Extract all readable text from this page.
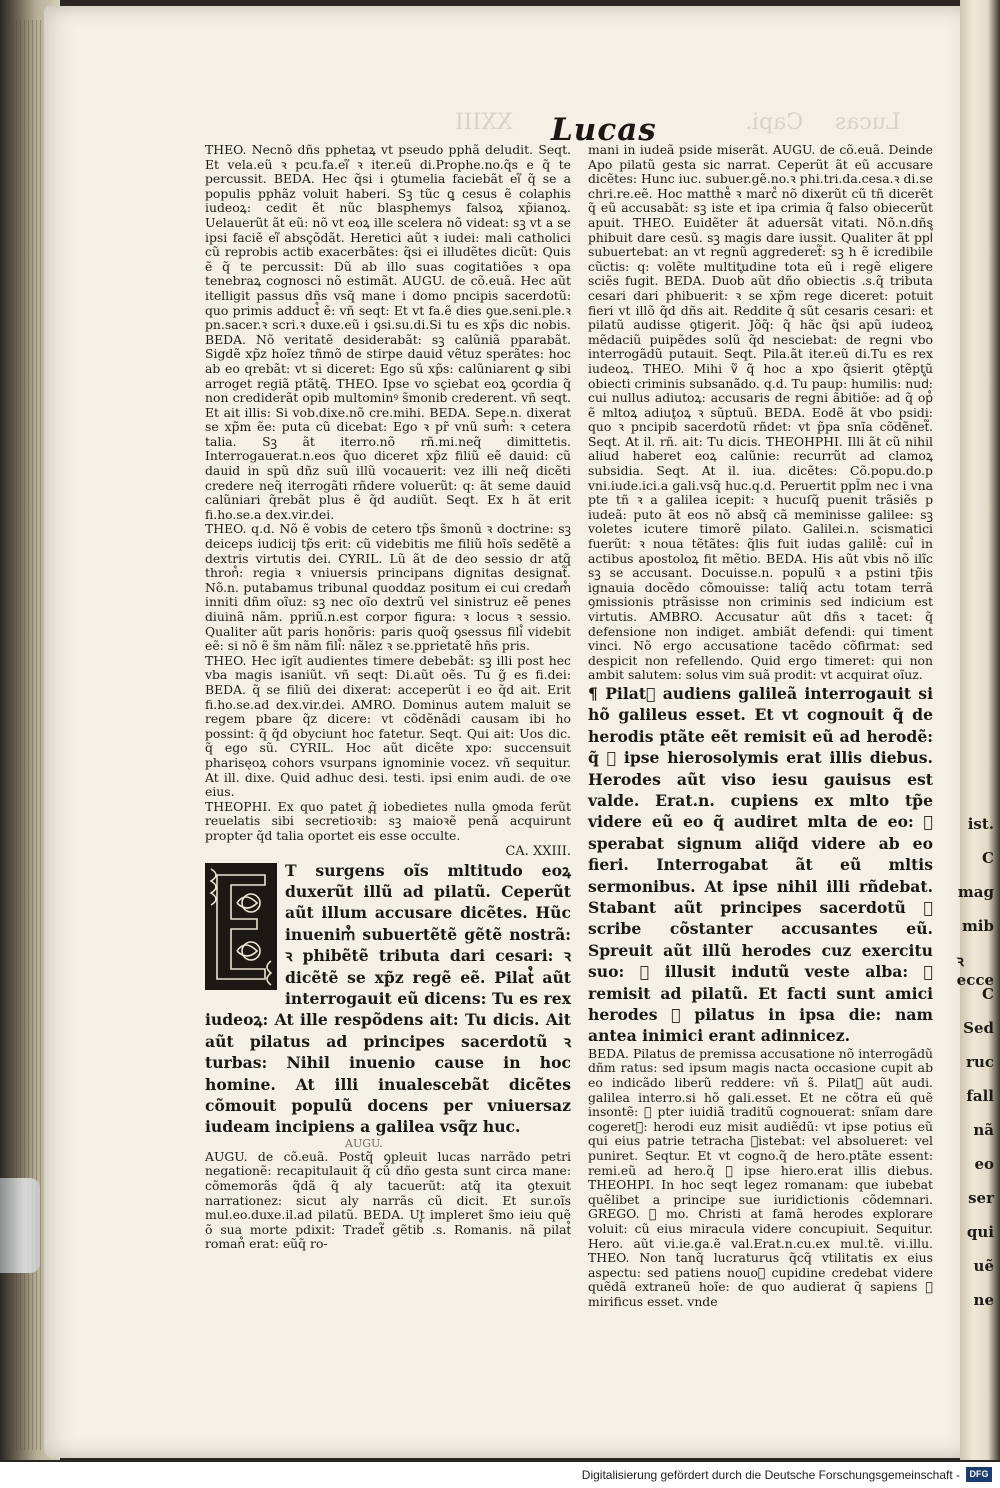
ist.
C
mag
mib
ꝛ ecce
C
Sed
ruc
fall
nã
eo
ser
qui
uẽ
ne
Capi. Lucas
XXIII Lucas

THEO. Necnõ dñs pphetaꝝ vt pseudo pphã deludit. Seqt. Et vela.eũ ꝛ pcu.fa.ei᷑ ꝛ iter.eũ di.Prophe.no.q̃s e q̃ te percussit. BEDA. Hec q̃si i ꝯtumelia faciebãt ei᷑ q̃ se a populis pphãz voluit haberi. Sꝫ tũc ꝗ cesus ẽ colaphis iudeoꝝ: cedit ẽt nũc blasphemys falsoꝝ xp̃ianoꝝ. Uelauerũt ãt eũ: nõ vt eoꝝ ille scelera nõ videat: sꝫ vt a se ipsi faciẽ ei᷑ abscõdãt. Heretici aũt ꝛ iudei: mali catholici cũ reprobis actib᷒ exacerbãtes: q̃si ei illudẽtes dicũt: Quis ẽ q̃ te percussit: Dũ ab illo suas cogitatiões ꝛ opa tenebraꝝ cognosci nõ estimãt. AUGU. de cõ.euã. Hec aũt itelligit passus dñs vsq̃ mane i domo pncipis sacerdotũ: quo primis adduct᷒ ẽ: vñ seqt: Et vt fa.ẽ dies ꝯue.seni.ple.ꝛ pn.sacer.ꝛ scri.ꝛ duxe.eũ i ꝯsi.su.di.Si tu es xp̃s dic nobis. BEDA. Nõ veritatẽ desiderabãt: sꝫ calũniã pparabãt. Sigdẽ xp̃z hoĩez tñmõ de stirpe dauid vẽtuz sperãtes: hoc ab eo qrebãt: vt si diceret: Ego sũ xp̃s: calũniarent ꝙ sibi arroget regiã ptãtẽ. THEO. Ipse vo sciebat eoꝝ ꝯcordia q̃ non crediderãt opib᷒ multominꝰ s̃monib᷒ crederent. vñ seqt. Et ait illis: Si vob.dixe.nõ cre.mihi. BEDA. Sepe.n. dixerat se xp̃m ẽe: puta cũ dicebat: Ego ꝛ pr̃ vnũ sum᷒: ꝛ cetera talia. Sꝫ ãt iterro.nõ rñ.mi.neq̃ dimittetis. Interrogauerat.n.eos q̃uo diceret xp̃z filiũ eẽ dauid: cũ dauid in spũ dñz suũ illũ vocauerit: vez illi neq̃ dicẽti credere neq̃ iterrogãti rñdere voluerũt: q: ãt seme dauid calũniari q̃rebãt plus ẽ q̃d audiũt. Seqt. Ex h ãt erit fi.ho.se.a dex.vir.dei.

THEO. q.d. Nõ ẽ vobis de cetero tp̃s s̃monũ ꝛ doctrine: sꝫ deiceps iudicij tp̃s erit: cũ videbitis me filiũ hoĩs sedẽtẽ a dextris virtutis dei. CYRIL. Lũ ãt de deo sessio dr atq̃ thron᷒: regia ꝛ vniuersis principans dignitas designat᷑. Nõ.n. putabamus tribunal quoddaz positum ei cui credam᷒ inniti dñm oĩuz: sꝫ nec oĩo dextrũ vel sinistruz eẽ penes diuinã nãm. ppriũ.n.est corpor figura: ꝛ locus ꝛ sessio. Qualiter aũt paris honõris: paris quoq̃ ꝯsessus fili᷒ videbit eẽ: si nõ ẽ s̃m nãm fili᷒: nãlez ꝛ se.pprietatẽ hñs pris.

THEO. Hec igĩt audientes timere debebãt: sꝫ illi post hec vba magis isaniũt. vñ seqt: Di.aũt oẽs. Tu g̃ es fi.dei: BEDA. q̃ se filiũ dei dixerat: acceperũt i eo q̃d ait. Erit fi.ho.se.ad dex.vir.dei. AMRO. Dominus autem maluit se regem pbare q̃z dicere: vt cõdẽnãdi causam ibi ho possint: q̃ q̃d obyciunt hoc fatetur. Seqt. Qui ait: Uos dic. q̃ ego sũ. CYRIL. Hoc aũt dicẽte xpo: succensuit pharisęoꝝ cohors vsurpans ignominie vocez. vñ sequitur. At ill. dixe. Quid adhuc desi. testi. ipsi enim audi. de oꝛe eius.

THEOPHI. Ex quo patet q̃ iobedietes nulla ꝯmoda ferũt reuelatis sibi secretioꝛib᷒: sꝫ maioꝛẽ penã acquirunt propter q̃d talia oportet eis esse occulte.

CA. XXIII.

T surgens oĩs mltitudo eoꝝ duxerũt illũ ad pilatũ. Ceperũt aũt illum accusare dicẽtes. Hũc inuenim᷒ subuertẽtẽ gẽtẽ nostrã: ꝛ phibẽtẽ tributa dari cesari: ꝛ dicẽtẽ se xp̃z regẽ eẽ. Pilat᷒ aũt interrogauit eũ dicens: Tu es rex iudeoꝝ: At ille respõdens ait: Tu dicis. Ait aũt pilatus ad principes sacerdotũ ꝛ turbas: Nihil inuenio cause in hoc homine. At illi inualescebãt dicẽtes cõmouit populũ docens per vniuersaz iudeam incipiens a galilea vsq̃z huc.

AUGU.

AUGU. de cõ.euã. Postq̃ ꝯpleuit lucas narrãdo petri negationẽ: recapitulauit q̃ cũ dño gesta sunt circa mane: cõmemorãs q̃dã q̃ aly tacuerũt: atq̃ ita ꝯtexuit narrationez: sicut aly narrãs cũ dicit. Et sur.oĩs mul.eo.duxe.il.ad pilatũ. BEDA. Ut impleret s̃mo ieiu quẽ õ sua morte pdixit: Tradet᷑ gẽtib᷒ .s. Romanis. nã pilat᷒ roman᷒ erat: eũq̃ ro-

mani in iudeã pside miserãt. AUGU. de cõ.euã. Deinde Apo pilatũ gesta sic narrat. Ceperũt ãt eũ accusare dicẽtes: Hunc iuc. subuer.gẽ.no.ꝛ phi.tri.da.cesa.ꝛ di.se chri.re.eẽ. Hoc matthe᷒ ꝛ marc᷒ nõ dixerũt cũ tñ dicerẽt q̃ eũ accusabãt: sꝫ iste et ipa crimia q̃ falso obiecerũt apuit. THEO. Euidẽter ãt aduersãt vitati. Nõ.n.dñs phibuit dare cesũ. sꝫ magis dare iussit. Qualiter ãt ppl᷒ subuertebat: an vt regnũ aggrederet᷑: sꝫ h ẽ icredibile cũctis: q: volẽte multitudine tota eũ i regẽ eligere sciẽs fugit. BEDA. Duob᷒ aũt dño obiectis .s.q̃ tributa cesari dari phibuerit: ꝛ se xp̃m rege diceret: potuit fieri vt illõ q̃d dñs ait. Reddite q̃ sũt cesaris cesari: et pilatũ audisse ꝯtigerit. Jõq̃: q̃ hãc q̃si apũ iudeoꝝ mẽdaciũ puipẽdes solũ q̃d nesciebat: de regni vbo interrogãdũ putauit. Seqt. Pila.ãt iter.eũ di.Tu es rex iudeoꝝ. THEO. Mihi v᷑ q̃ hoc a xpo q̃sierit ꝯtẽptũ obiecti criminis subsanãdo. q.d. Tu paup: humilis: nud᷒: cui nullus adiutoꝝ: accusaris de regni ãbitiõe: ad q̃ op᷒ ẽ mltoꝝ adiutoꝝ ꝛ sũptuũ. BEDA. Eodẽ ãt vbo psidi: quo ꝛ pncipib᷒ sacerdotũ rñdet: vt p̃pa snĩa cõdẽnet᷑. Seqt. At il. rñ. ait: Tu dicis. THEOHPHI. Illi ãt cũ nihil aliud haberet eoꝝ calũnie: recurrũt ad clamoꝝ subsidia. Seqt. At il. iua. dicẽtes: Cõ.popu.do.p vni.iude.ici.a gali.vsq̃ huc.q.d. Peruertit ppl̃m nec i vna pte tñ ꝛ a galilea icepit: ꝛ hucuſq̃ puenit trãsiẽs p iudeã: puto ãt eos nõ absq̃ cã meminisse galilee: sꝫ voletes icutere timorẽ pilato. Galilei.n. scismatici fuerũt: ꝛ noua tẽtãtes: q̃lis fuit iudas galile᷒: cui᷒ in actibus apostoloꝝ fit mẽtio. BEDA. His aũt vbis nõ ilĩc sꝫ se accusant. Docuisse.n. populũ ꝛ a pstini tp̃is ignauia docẽdo cõmouisse: taliq̃ actu totam terrã ꝯmissionis ptrãsisse non criminis sed indicium est virtutis. AMBRO. Accusatur aũt dñs ꝛ tacet: q̃ defensione non indiget. ambiãt defendi: qui timent vinci. Nõ ergo accusatione tacẽdo cõfirmat: sed despicit non refellendo. Quid ergo timeret: qui non ambit salutem: solus vim suã prodit: vt acquirat oĩuz.

¶ Pilat᷒ audiens galileã interrogauit si hõ galileus esset. Et vt cognouit q̃ de herodis ptãte eẽt remisit eũ ad herodẽ: q̃ ꝛ ipse hierosolymis erat illis diebus. Herodes aũt viso iesu gauisus est valde. Erat.n. cupiens ex mlto tp̃e videre eũ eo q̃ audiret mlta de eo: ꝛ sperabat signum aliq̃d videre ab eo fieri. Interrogabat ãt eũ mltis sermonibus. At ipse nihil illi rñdebat. Stabant aũt principes sacerdotũ ꝛ scribe cõstanter accusantes eũ. Spreuit aũt illũ herodes cuz exercitu suo: ꝛ illusit indutũ veste alba: ꝛ remisit ad pilatũ. Et facti sunt amici herodes ꝛ pilatus in ipsa die: nam antea inimici erant adinnicez.

BEDA. Pilatus de premissa accusatione nõ interrogãdũ dñm ratus: sed ipsum magis nacta occasione cupit ab eo indicãdo liberũ reddere: vñ s̃. Pilat᷒ aũt audi. galilea interro.si hõ gali.esset. Et ne cõtra eũ quẽ insontẽ: ꝛ pter iuidiã traditũ cognouerat: snĩam dare cogeret᷑: herodi euz misit audiẽdũ: vt ipse potius eũ qui eius patrie tetracha ꝯistebat: vel absolueret: vel puniret. Seqtur. Et vt cogno.q̃ de hero.ptãte essent: remi.eũ ad hero.q̃ ꝛ ipse hiero.erat illis diebus. THEOHPI. In hoc seqt legez romanam: que iubebat quẽlibet a principe sue iuridictionis cõdemnari. GREGO. ꝛ mo. Christi at famã herodes explorare voluit: cũ eius miracula videre concupiuit. Sequitur. Hero. aũt vi.ie.ga.ẽ val.Erat.n.cu.ex mul.tẽ. vi.illu. THEO. Non tanq̃ lucraturus q̃cq̃ vtilitatis ex eius aspectu: sed patiens nouoꝝ cupidine credebat videre quẽdã extraneũ hoĩe: de quo audierat q̃ sapiens ꝛ mirificus esset. vnde

Digitalisierung gefördert durch die Deutsche Forschungsgemeinschaft -	DFG
